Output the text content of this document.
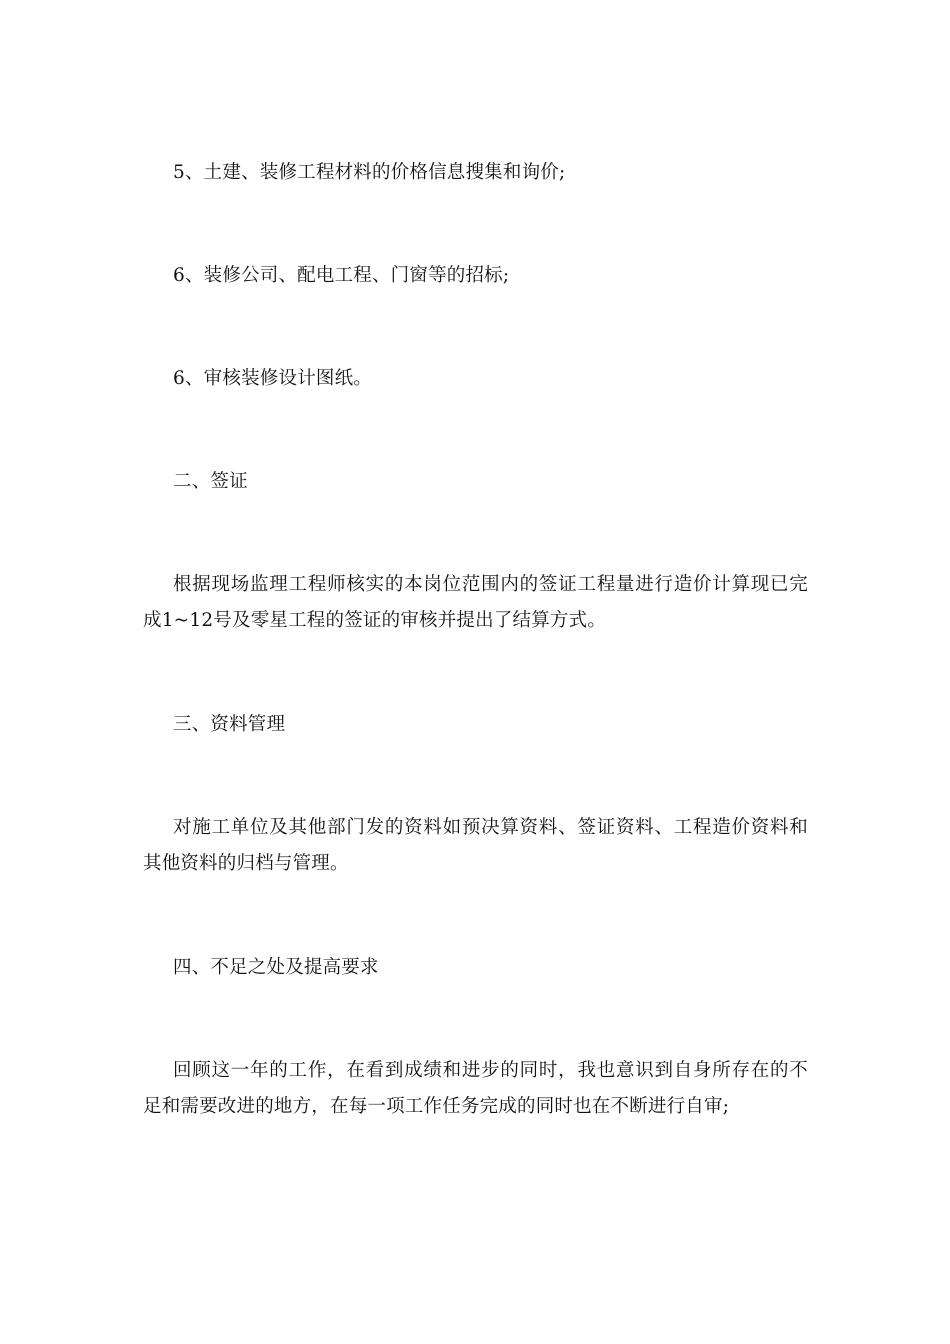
5、土建、装修工程材料的价格信息搜集和询价;

6、装修公司、配电工程、门窗等的招标;

6、审核装修设计图纸。

二、签证

根据现场监理工程师核实的本岗位范围内的签证工程量进行造价计算现已完成1~12号及零星工程的签证的审核并提出了结算方式。

三、资料管理

对施工单位及其他部门发的资料如预决算资料、签证资料、工程造价资料和其他资料的归档与管理。

四、不足之处及提高要求

回顾这一年的工作，在看到成绩和进步的同时，我也意识到自身所存在的不足和需要改进的地方，在每一项工作任务完成的同时也在不断进行自审;
